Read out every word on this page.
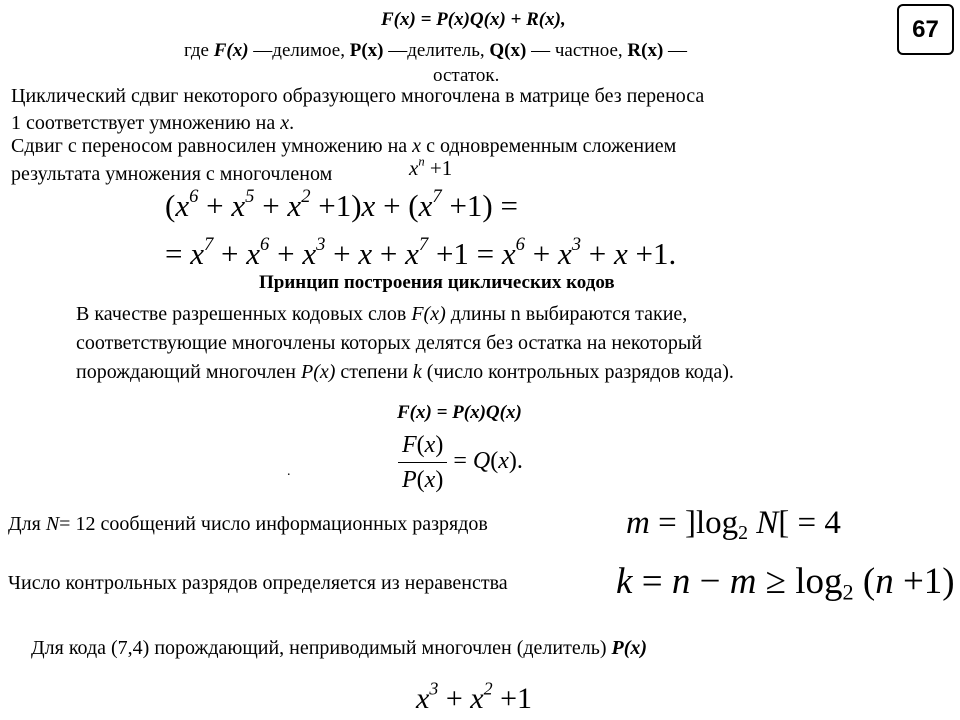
67
F(x) = P(x)Q(x) + R(x),
где F(x) —делимое, P(x) —делитель, Q(x) — частное, R(x) —
остаток.
Циклический сдвиг некоторого образующего многочлена в матрице без переноса
1 соответствует умножению на x.
Сдвиг с переносом равносилен умножению на x с одновременным сложением
результата умножения с многочленом	$x^n +1$
$(x^6 + x^5 + x^2 +1)x + (x^7 +1)$ =
= $x^7 + x^6 + x^3 + x + x^7 +1 = x^6 + x^3 + x +1$.
Принцип построения циклических кодов
В качестве разрешенных кодовых слов F(x) длины n выбираются такие,
соответствующие многочлены которых делятся без остатка на некоторый
порождающий многочлен P(x) степени k (число контрольных разрядов кода).
F(x) = P(x)Q(x)
.	$\frac{F(x)}{P(x)} = Q(x)$.
Для N= 12 сообщений число информационных разрядов	$m = ]\log_2$ N[ = 4
Число контрольных разрядов определяется из неравенства	$k = n - m \ge \log_2 (n +1)$
Для кода (7,4) порождающий, неприводимый многочлен (делитель) P(x)
$x^3 + x^2 +1$
